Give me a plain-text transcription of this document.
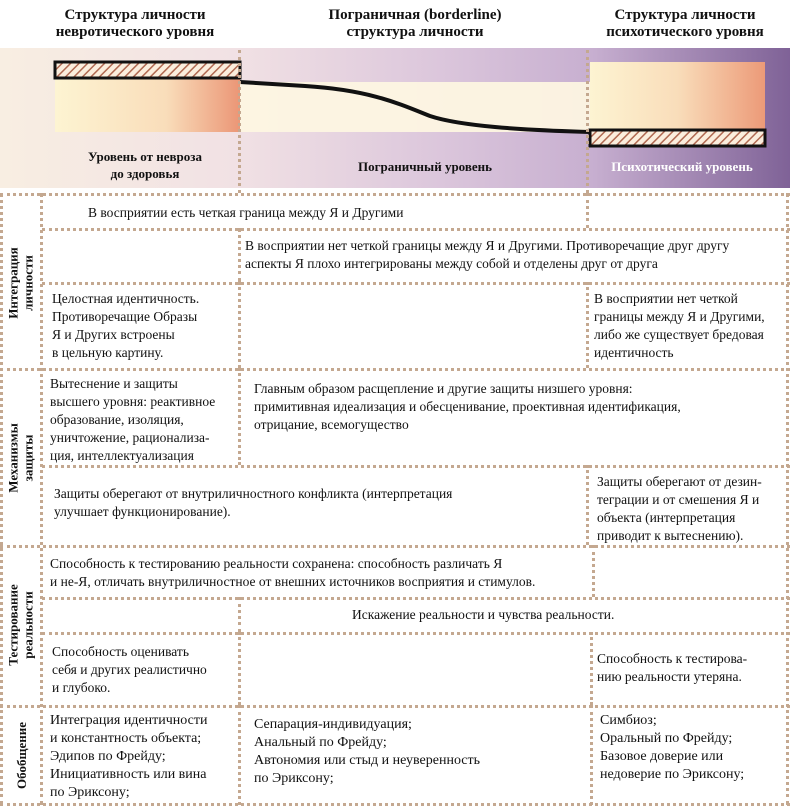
Структура личности
невротического уровня
Пограничная (borderline)
структура личности
Структура личности
психотического уровня
Уровень от невроза
до здоровья	Пограничный уровень	Психотический уровень
Интеграция личности
Механизмы защиты
Тестирование
реальности
Обобщение
В восприятии есть четкая граница между Я и Другими
В восприятии нет четкой границы между Я и Другими. Противоречащие друг другу
аспекты Я плохо интегрированы между собой и отделены друг от друга
Целостная идентичность.
Противоречащие Образы
Я и Других встроены
в цельную картину.
В восприятии нет четкой
границы между Я и Другими,
либо же существует бредовая
идентичность
Вытеснение и защиты
высшего уровня: реактивное
образование, изоляция,
уничтожение, рационализа-
ция, интеллектуализация
Главным образом расщепление и другие защиты низшего уровня:
примитивная идеализация и обесценивание, проективная идентификация,
отрицание, всемогущество
Защиты оберегают от внутриличностного конфликта (интерпретация
улучшает функционирование).
Защиты оберегают от дезин-
теграции и от смешения Я и
объекта (интерпретация
приводит к вытеснению).
Способность к тестированию реальности сохранена: способность различать Я
и не-Я, отличать внутриличностное от внешних источников восприятия и стимулов.
Искажение реальности и чувства реальности.
Способность оценивать
себя и других реалистично
и глубоко.
Способность к тестирова-
нию реальности утеряна.
Интеграция идентичности
и константность объекта;
Эдипов по Фрейду;
Инициативность или вина
по Эриксону;
Сепарация-индивидуация;
Анальный по Фрейду;
Автономия или стыд и неуверенность
по Эриксону;
Симбиоз;
Оральный по Фрейду;
Базовое доверие или
недоверие по Эриксону;
